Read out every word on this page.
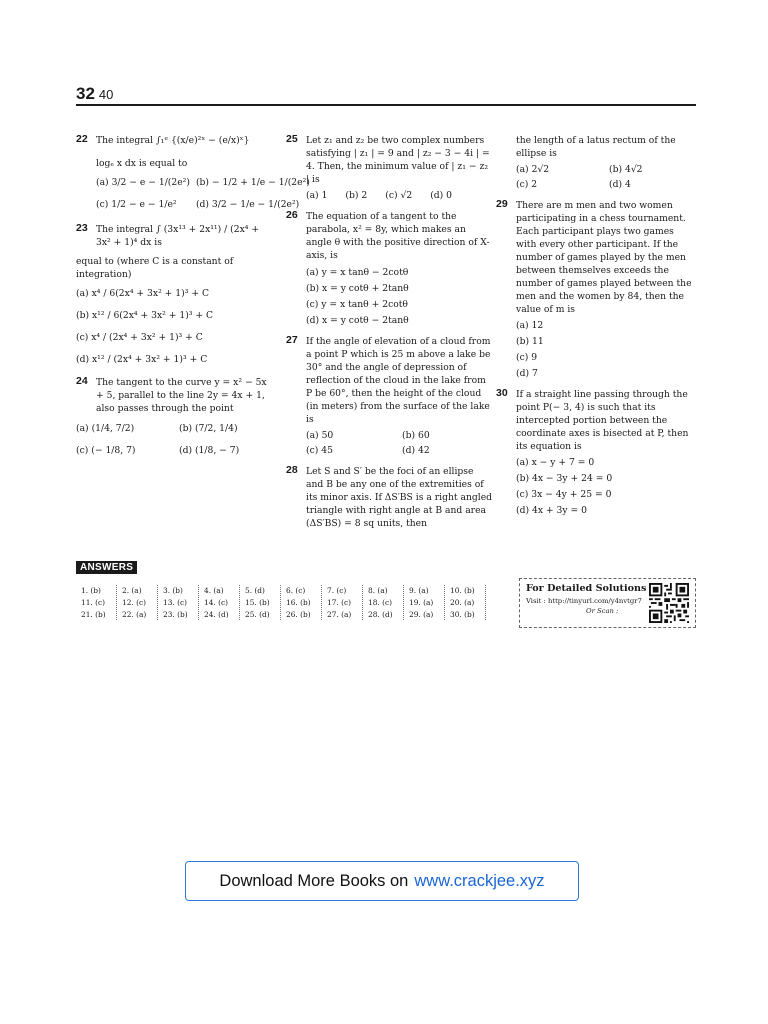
32 40
22 The integral ∫₁ᵉ {(x/e)²ˣ − (e/x)ˣ}
logₑ x dx is equal to
(a) 3/2 − e − 1/(2e²) (b) − 1/2 + 1/e − 1/(2e²)
(c) 1/2 − e − 1/e²	(d) 3/2 − 1/e − 1/(2e²)
23 The integral ∫ (3x¹³ + 2x¹¹) / (2x⁴ + 3x² + 1)⁴ dx is
equal to (where C is a constant of integration)
(a) x⁴ / 6(2x⁴ + 3x² + 1)³ + C
(b) x¹² / 6(2x⁴ + 3x² + 1)³ + C
(c) x⁴ / (2x⁴ + 3x² + 1)³ + C
(d) x¹² / (2x⁴ + 3x² + 1)³ + C
24 The tangent to the curve y = x² − 5x + 5, parallel to the line 2y = 4x + 1, also passes through the point
(a) (1/4, 7/2)	(b) (7/2, 1/4)
(c) (− 1/8, 7)	(d) (1/8, − 7)
25 Let z₁ and z₂ be two complex numbers satisfying | z₁ | = 9 and | z₂ − 3 − 4i | = 4. Then, the minimum value of | z₁ − z₂ | is
(a) 1 (b) 2 (c) √2 (d) 0
26 The equation of a tangent to the parabola, x² = 8y, which makes an angle θ with the positive direction of X-axis, is
(a) y = x tanθ − 2cotθ
(b) x = y cotθ + 2tanθ
(c) y = x tanθ + 2cotθ
(d) x = y cotθ − 2tanθ
27 If the angle of elevation of a cloud from a point P which is 25 m above a lake be 30° and the angle of depression of reflection of the cloud in the lake from P be 60°, then the height of the cloud (in meters) from the surface of the lake is
(a) 50	(b) 60
(c) 45	(d) 42
28 Let S and S′ be the foci of an ellipse and B be any one of the extremities of its minor axis. If ΔS′BS is a right angled triangle with right angle at B and area (ΔS′BS) = 8 sq units, then
the length of a latus rectum of the ellipse is
(a) 2√2	(b) 4√2
(c) 2	(d) 4
29 There are m men and two women participating in a chess tournament. Each participant plays two games with every other participant. If the number of games played by the men between themselves exceeds the number of games played between the men and the women by 84, then the value of m is
(a) 12
(b) 11
(c) 9
(d) 7
30 If a straight line passing through the point P(− 3, 4) is such that its intercepted portion between the coordinate axes is bisected at P, then its equation is
(a) x − y + 7 = 0
(b) 4x − 3y + 24 = 0
(c) 3x − 4y + 25 = 0
(d) 4x + 3y = 0
ANSWERS
1. (b)	2. (a)	3. (b)	4. (a)	5. (d)	6. (c)	7. (c)	8. (a)	9. (a)	10. (b)
11. (c)	12. (c)	13. (c)	14. (c)	15. (b)	16. (b)	17. (c)	18. (c)	19. (a)	20. (a)
21. (b)	22. (a)	23. (b)	24. (d)	25. (d)	26. (b)	27. (a)	28. (d)	29. (a)	30. (b)
For Detailed Solutions
Visit : http://tinyurl.com/y4nvtgr7
Or Scan :
Download More Books on www.crackjee.xyz
